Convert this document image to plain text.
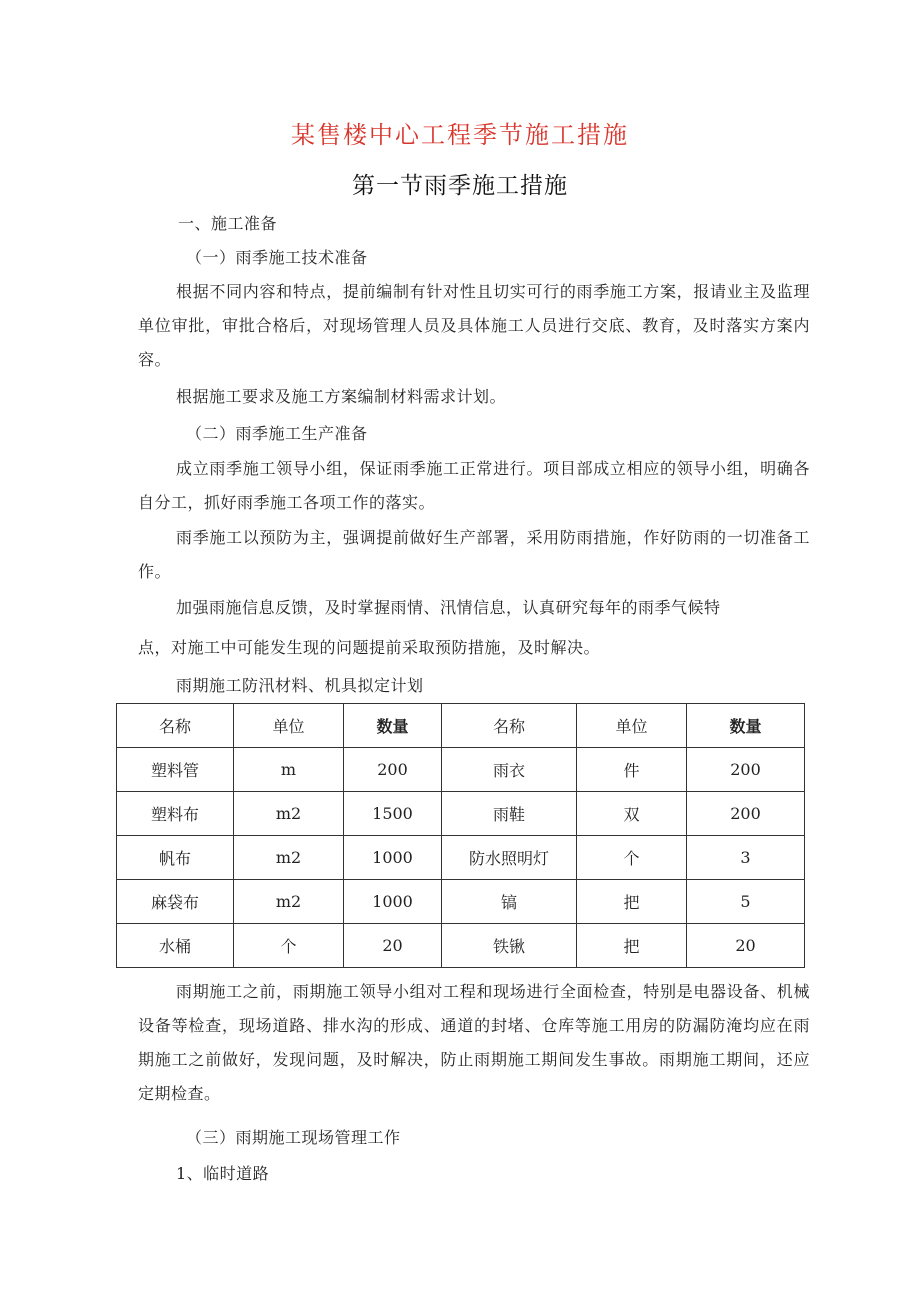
某售楼中心工程季节施工措施
第一节雨季施工措施
一、施工准备
（一）雨季施工技术准备
根据不同内容和特点，提前编制有针对性且切实可行的雨季施工方案，报请业主及监理单位审批，审批合格后，对现场管理人员及具体施工人员进行交底、教育，及时落实方案内容。
根据施工要求及施工方案编制材料需求计划。
（二）雨季施工生产准备
成立雨季施工领导小组，保证雨季施工正常进行。项目部成立相应的领导小组，明确各自分工，抓好雨季施工各项工作的落实。
雨季施工以预防为主，强调提前做好生产部署，采用防雨措施，作好防雨的一切准备工作。
加强雨施信息反馈，及时掌握雨情、汛情信息，认真研究每年的雨季气候特
点，对施工中可能发生现的问题提前采取预防措施，及时解决。
雨期施工防汛材料、机具拟定计划
名称	单位	数量	名称	单位	数量
塑料管	m	200	雨衣	件	200
塑料布	m2	1500	雨鞋	双	200
帆布	m2	1000	防水照明灯	个	3
麻袋布	m2	1000	镐	把	5
水桶	个	20	铁锹	把	20
雨期施工之前，雨期施工领导小组对工程和现场进行全面检查，特别是电器设备、机械设备等检查，现场道路、排水沟的形成、通道的封堵、仓库等施工用房的防漏防淹均应在雨期施工之前做好，发现问题，及时解决，防止雨期施工期间发生事故。雨期施工期间，还应定期检查。
（三）雨期施工现场管理工作
1、临时道路
